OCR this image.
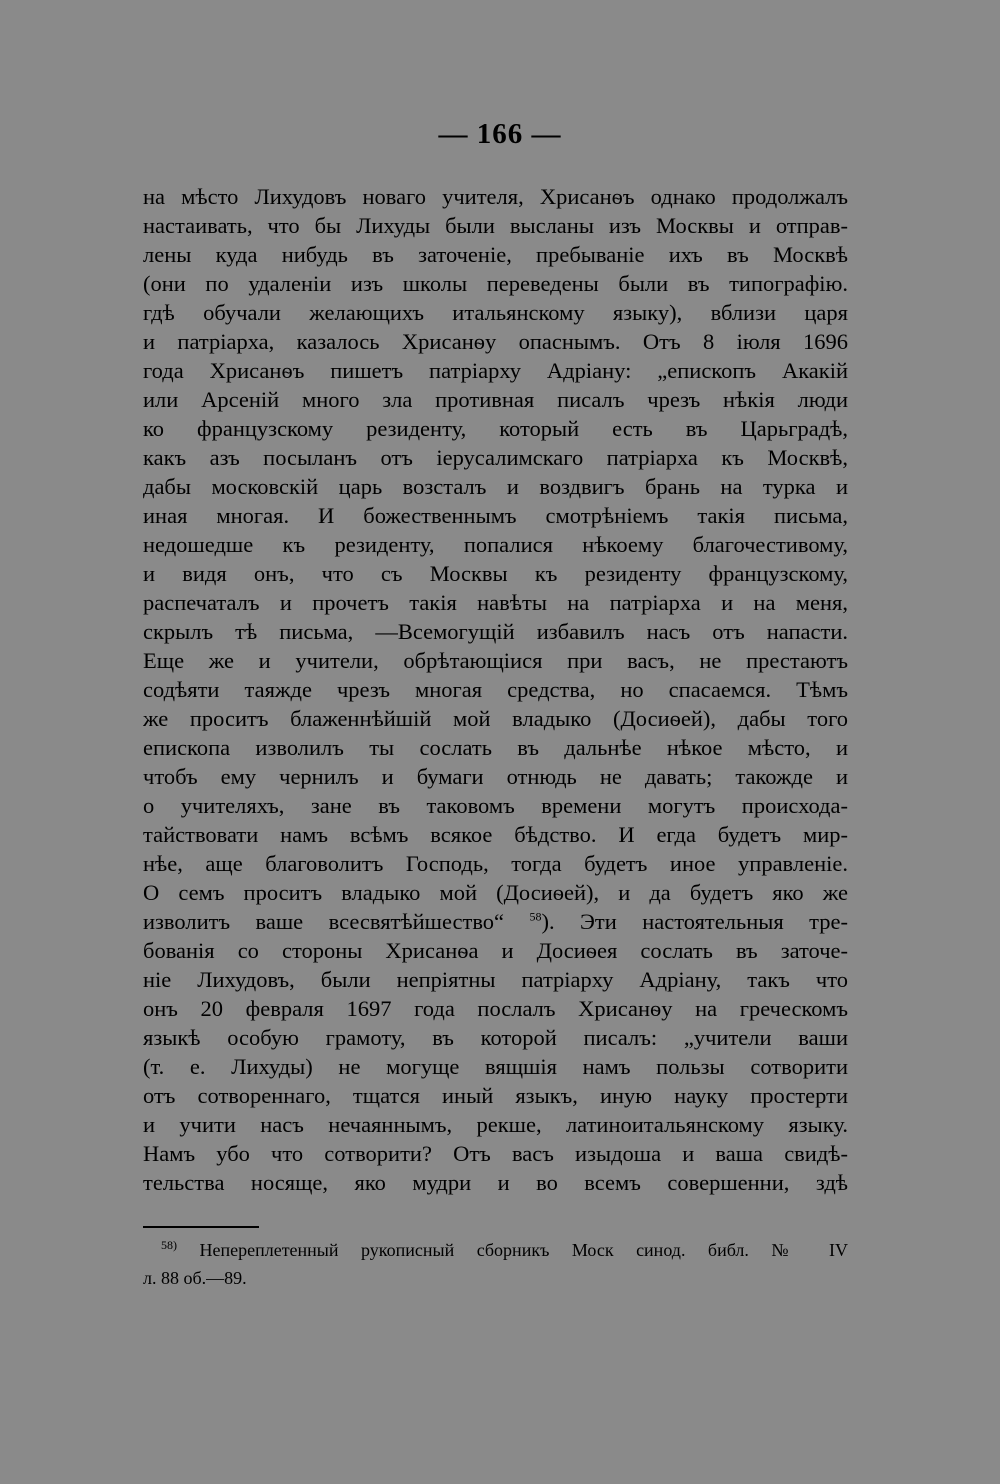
— 166 —
на мѣсто Лихудовъ новаго учителя, Хрисанѳъ однако продолжалъ
настаивать, что бы Лихуды были высланы изъ Москвы и отправ-
лены куда нибудь въ заточеніе, пребываніе ихъ въ Москвѣ
(они по удаленіи изъ школы переведены были въ типографію.
гдѣ обучали желающихъ итальянскому языку), вблизи царя
и патріарха, казалось Хрисанѳу опаснымъ. Отъ 8 іюля 1696
года Хрисанѳъ пишетъ патріарху Адріану: „епископъ Акакій
или Арсеній много зла противная писалъ чрезъ нѣкія люди
ко французскому резиденту, который есть въ Царьградѣ,
какъ азъ посыланъ отъ іерусалимскаго патріарха къ Москвѣ,
дабы московскій царь возсталъ и воздвигъ брань на турка и
иная многая. И божественнымъ смотрѣніемъ такія письма,
недошедше къ резиденту, попалися нѣкоему благочестивому,
и видя онъ, что съ Москвы къ резиденту французскому,
распечаталъ и прочетъ такія навѣты на патріарха и на меня,
скрылъ тѣ письма, —Всемогущій избавилъ насъ отъ напасти.
Еще же и учители, обрѣтающіися при васъ, не престаютъ
содѣяти таяжде чрезъ многая средства, но спасаемся. Тѣмъ
же проситъ блаженнѣйшій мой владыко (Досиѳей), дабы того
епископа изволилъ ты сослать въ дальнѣе нѣкое мѣсто, и
чтобъ ему чернилъ и бумаги отнюдь не давать; такожде и
о учителяхъ, зане въ таковомъ времени могутъ происхода-
тайствовати намъ всѣмъ всякое бѣдство. И егда будетъ мир-
нѣе, аще благоволитъ Господь, тогда будетъ иное управленіе.
О семъ проситъ владыко мой (Досиѳей), и да будетъ яко же
изволитъ ваше всесвятѣйшество“ $^{58}$). Эти настоятельныя тре-
бованія со стороны Хрисанѳа и Досиѳея сослать въ заточе-
ніе Лихудовъ, были непріятны патріарху Адріану, такъ что
онъ 20 февраля 1697 года послалъ Хрисанѳу на греческомъ
языкѣ особую грамоту, въ которой писалъ: „учители ваши
(т. е. Лихуды) не могуще вящшія намъ пользы сотворити
отъ сотвореннаго, тщатся иный языкъ, иную науку простерти
и учити насъ нечаяннымъ, рекше, латиноитальянскому языку.
Намъ убо что сотворити? Отъ васъ изыдоша и ваша свидѣ-
тельства носяще, яко мудри и во всемъ совершенни, здѣ
$^{58)}$ Непереплетенный рукописный сборникъ Моск синод. библ. № IV
л. 88 об.—89.
